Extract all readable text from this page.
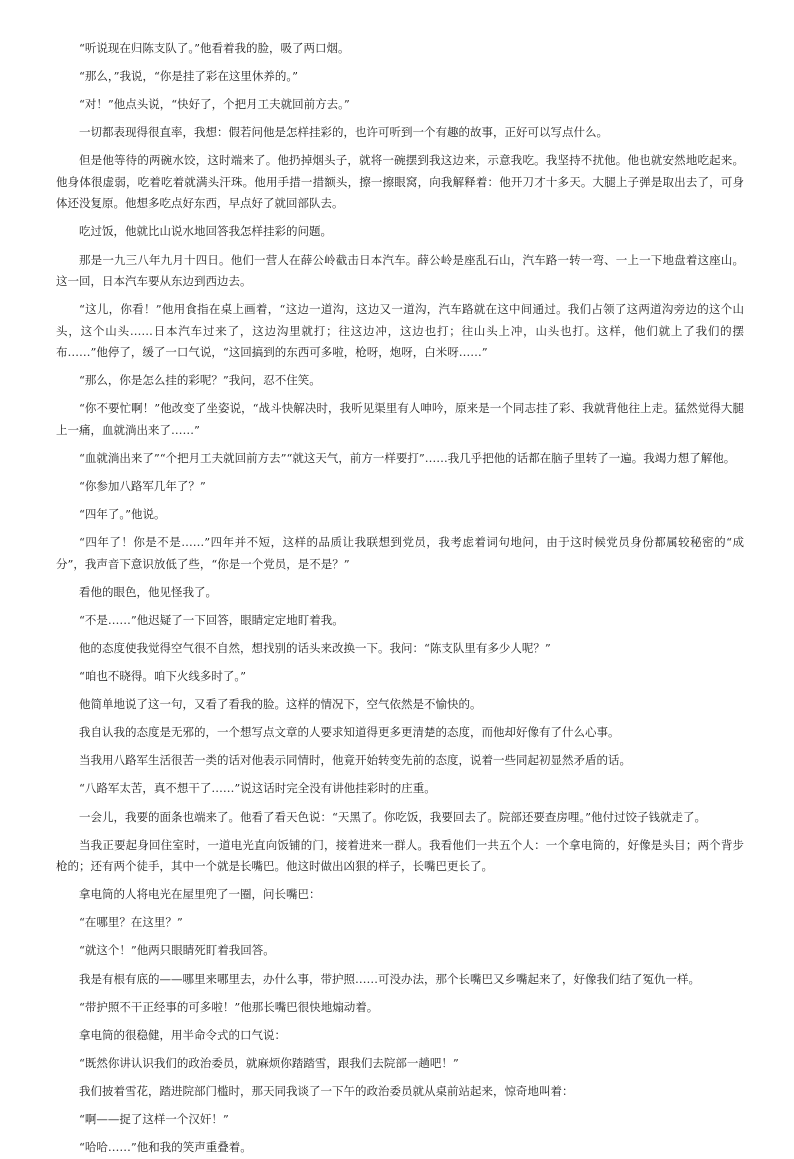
“听说现在归陈支队了。”他看着我的脸，吸了两口烟。

“那么，”我说，“你是挂了彩在这里休养的。”

“对！”他点头说，“快好了，个把月工夫就回前方去。”

一切都表现得很直率，我想：假若问他是怎样挂彩的，也许可听到一个有趣的故事，正好可以写点什么。

但是他等待的两碗水饺，这时端来了。他扔掉烟头子，就将一碗摆到我这边来，示意我吃。我坚持不扰他。他也就安然地吃起来。他身体很虚弱，吃着吃着就满头汗珠。他用手措一措额头，擦一擦眼窝，向我解释着：他开刀才十多天。大腿上子弹是取出去了，可身体还没复原。他想多吃点好东西，早点好了就回部队去。

吃过饭，他就比山说水地回答我怎样挂彩的问题。

那是一九三八年九月十四日。他们一营人在薛公岭截击日本汽车。薛公岭是座乱石山，汽车路一转一弯、一上一下地盘着这座山。这一回，日本汽车要从东边到西边去。

“这儿，你看！”他用食指在桌上画着，“这边一道沟，这边又一道沟，汽车路就在这中间通过。我们占领了这两道沟旁边的这个山头，这个山头……日本汽车过来了，这边沟里就打；往这边冲，这边也打；往山头上冲，山头也打。这样，他们就上了我们的摆布……”他停了，缓了一口气说，“这回搞到的东西可多啦，枪呀，炮呀，白米呀……”

“那么，你是怎么挂的彩呢？”我问，忍不住笑。

“你不要忙啊！”他改变了坐姿说，“战斗快解决时，我听见渠里有人呻吟，原来是一个同志挂了彩、我就背他往上走。猛然觉得大腿上一痛，血就淌出来了……”

“血就淌出来了”“个把月工夫就回前方去”“就这天气，前方一样要打”……我几乎把他的话都在脑子里转了一遍。我竭力想了解他。

“你参加八路军几年了？”

“四年了。”他说。

“四年了！你是不是……”四年并不短，这样的品质让我联想到党员，我考虑着词句地问，由于这时候党员身份都属较秘密的“成分”，我声音下意识放低了些，“你是一个党员，是不是？”

看他的眼色，他见怪我了。

“不是……”他迟疑了一下回答，眼睛定定地盯着我。

他的态度使我觉得空气很不自然，想找别的话头来改换一下。我问：“陈支队里有多少人呢？”

“咱也不晓得。咱下火线多时了。”

他简单地说了这一句，又看了看我的脸。这样的情况下，空气依然是不愉快的。

我自认我的态度是无邪的，一个想写点文章的人要求知道得更多更清楚的态度，而他却好像有了什么心事。

当我用八路军生活很苦一类的话对他表示同情时，他竟开始转变先前的态度，说着一些同起初显然矛盾的话。

“八路军太苦，真不想干了……”说这话时完全没有讲他挂彩时的庄重。

一会儿，我要的面条也端来了。他看了看天色说：“天黑了。你吃饭，我要回去了。院部还要查房哩。”他付过饺子钱就走了。

当我正要起身回住室时，一道电光直向饭铺的门，接着进来一群人。我看他们一共五个人：一个拿电筒的，好像是头目；两个背步枪的；还有两个徒手，其中一个就是长嘴巴。他这时做出凶狠的样子，长嘴巴更长了。

拿电筒的人将电光在屋里兜了一圈，问长嘴巴：

“在哪里？在这里？”

“就这个！”他两只眼睛死盯着我回答。

我是有根有底的——哪里来哪里去，办什么事，带护照……可没办法，那个长嘴巴又乡嘴起来了，好像我们结了冤仇一样。

“带护照不干正经事的可多啦！”他那长嘴巴很快地煽动着。

拿电筒的很稳健，用半命令式的口气说：

“既然你讲认识我们的政治委员，就麻烦你踏踏雪，跟我们去院部一趟吧！”

我们披着雪花，踏进院部门槛时，那天同我谈了一下午的政治委员就从桌前站起来，惊奇地叫着：

“啊——捉了这样一个汉奸！”

“哈哈……”他和我的笑声重叠着。
